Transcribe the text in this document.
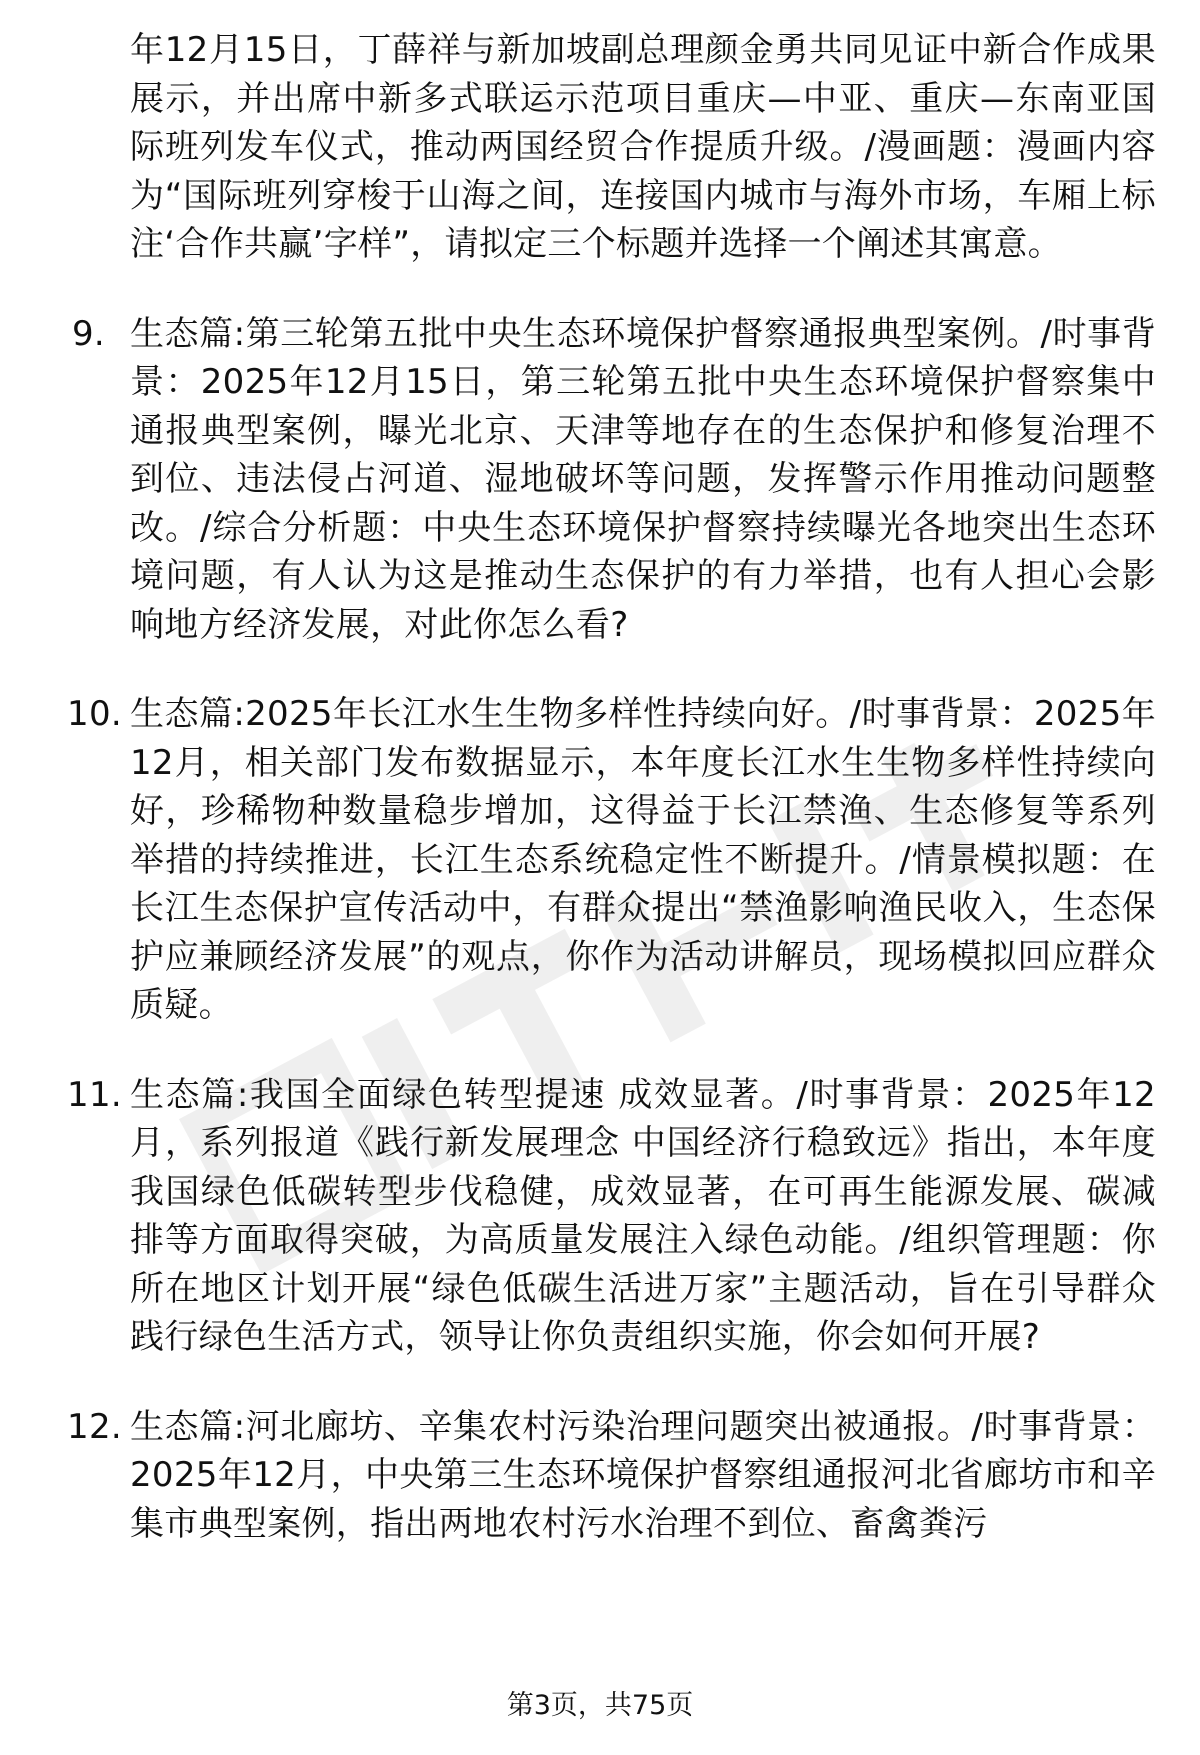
年12月15日，丁薛祥与新加坡副总理颜金勇共同见证中新合作成果展示，并出席中新多式联运示范项目重庆—中亚、重庆—东南亚国际班列发车仪式，推动两国经贸合作提质升级。/漫画题：漫画内容为“国际班列穿梭于山海之间，连接国内城市与海外市场，车厢上标注‘合作共赢’字样”，请拟定三个标题并选择一个阐述其寓意。
9. 生态篇:第三轮第五批中央生态环境保护督察通报典型案例。/时事背景：2025年12月15日，第三轮第五批中央生态环境保护督察集中通报典型案例，曝光北京、天津等地存在的生态保护和修复治理不到位、违法侵占河道、湿地破坏等问题，发挥警示作用推动问题整改。/综合分析题：中央生态环境保护督察持续曝光各地突出生态环境问题，有人认为这是推动生态保护的有力举措，也有人担心会影响地方经济发展，对此你怎么看?
10. 生态篇:2025年长江水生生物多样性持续向好。/时事背景：2025年12月，相关部门发布数据显示，本年度长江水生生物多样性持续向好，珍稀物种数量稳步增加，这得益于长江禁渔、生态修复等系列举措的持续推进，长江生态系统稳定性不断提升。/情景模拟题：在长江生态保护宣传活动中，有群众提出“禁渔影响渔民收入，生态保护应兼顾经济发展”的观点，你作为活动讲解员，现场模拟回应群众质疑。
11. 生态篇:我国全面绿色转型提速 成效显著。/时事背景：2025年12月，系列报道《践行新发展理念 中国经济行稳致远》指出，本年度我国绿色低碳转型步伐稳健，成效显著，在可再生能源发展、碳减排等方面取得突破，为高质量发展注入绿色动能。/组织管理题：你所在地区计划开展“绿色低碳生活进万家”主题活动，旨在引导群众践行绿色生活方式，领导让你负责组织实施，你会如何开展?
12. 生态篇:河北廊坊、辛集农村污染治理问题突出被通报。/时事背景：2025年12月，中央第三生态环境保护督察组通报河北省廊坊市和辛集市典型案例，指出两地农村污水治理不到位、畜禽粪污
第3页，共75页
